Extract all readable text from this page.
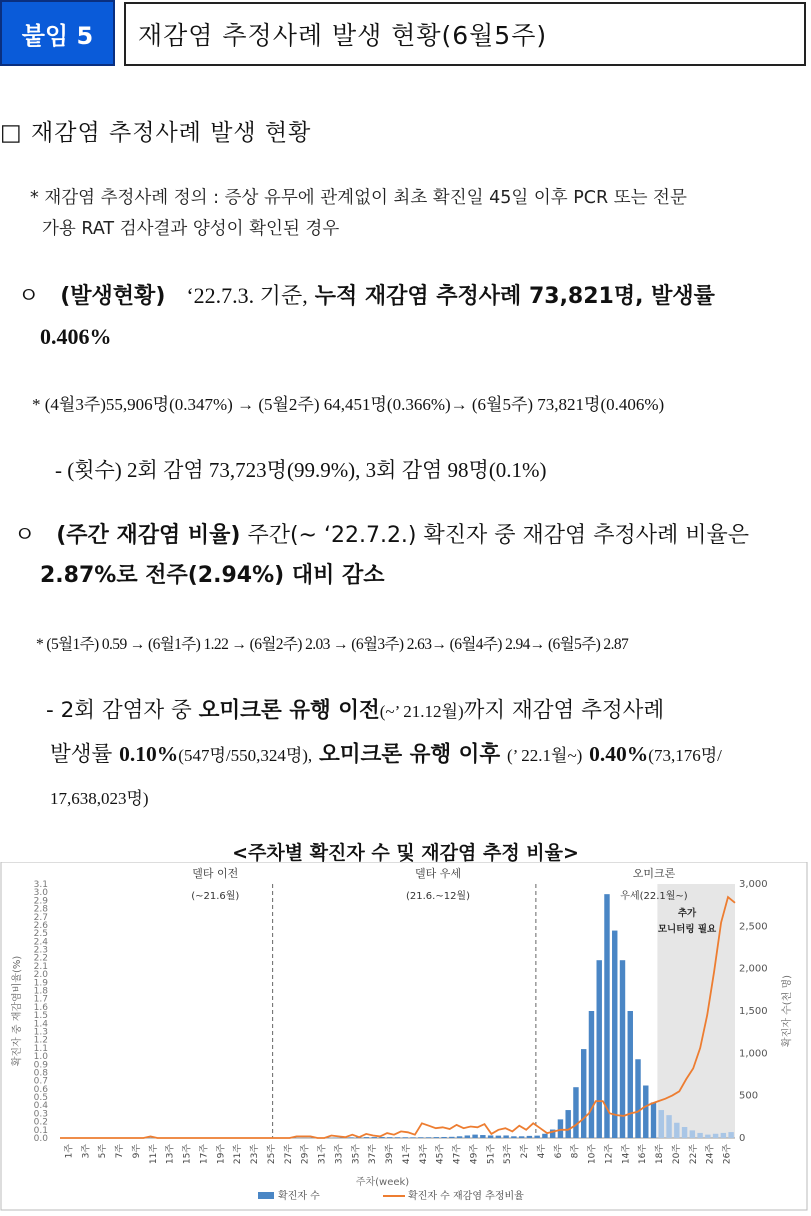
붙임 5	재감염 추정사례 발생 현황(6월5주)
□ 재감염 추정사례 발생 현황
* 재감염 추정사례 정의 : 증상 유무에 관계없이 최초 확진일 45일 이후 PCR 또는 전문
가용 RAT 검사결과 양성이 확인된 경우
ㅇ (발생현황) ‘22.7.3. 기준, 누적 재감염 추정사례 73,821명, 발생률
0.406%
* (4월3주)55,906명(0.347%) → (5월2주) 64,451명(0.366%)→ (6월5주) 73,821명(0.406%)
- (횟수) 2회 감염 73,723명(99.9%), 3회 감염 98명(0.1%)
ㅇ (주간 재감염 비율) 주간(~ ‘22.7.2.) 확진자 중 재감염 추정사례 비율은
2.87%로 전주(2.94%) 대비 감소
* (5월1주) 0.59 → (6월1주) 1.22 → (6월2주) 2.03 → (6월3주) 2.63→ (6월4주) 2.94→ (6월5주) 2.87
- 2회 감염자 중 오미크론 유행 이전(~’ 21.12월)까지 재감염 추정사례
발생률 0.10%(547명/550,324명), 오미크론 유행 이후 (’ 22.1월~) 0.40%(73,176명/
17,638,023명)
<주차별 확진자 수 및 재감염 추정 비율>
델타 이전
(~21.6월)
델타 우세
(21.6.~12월)
오미크론
우세(22.1월~)
추가
모니터링 필요
0.0
0.1
0.2
0.3
0.4
0.5
0.6
0.7
0.8
0.9
1.0
1.1
1.2
1.3
1.4
1.5
1.6
1.7
1.8
1.9
2.0
2.1
2.2
2.3
2.4
2.5
2.6
2.7
2.8
2.9
3.0
3.1
0
500
1,000
1,500
2,000
2,500
3,000
확진자 중 재감염비율(%)	확진자 수(천 명)
1주 3주 5주 7주 9주 11주 13주 15주 17주 19주 21주 23주 25주 27주 29주 31주 33주 35주 37주 39주 41주 43주 45주 47주 49주 51주 53주 2주 4주 6주 8주 10주 12주 14주 16주 18주 20주 22주 24주 26주
주차(week)
확진자 수	확진자 수 재감염 추정비율
